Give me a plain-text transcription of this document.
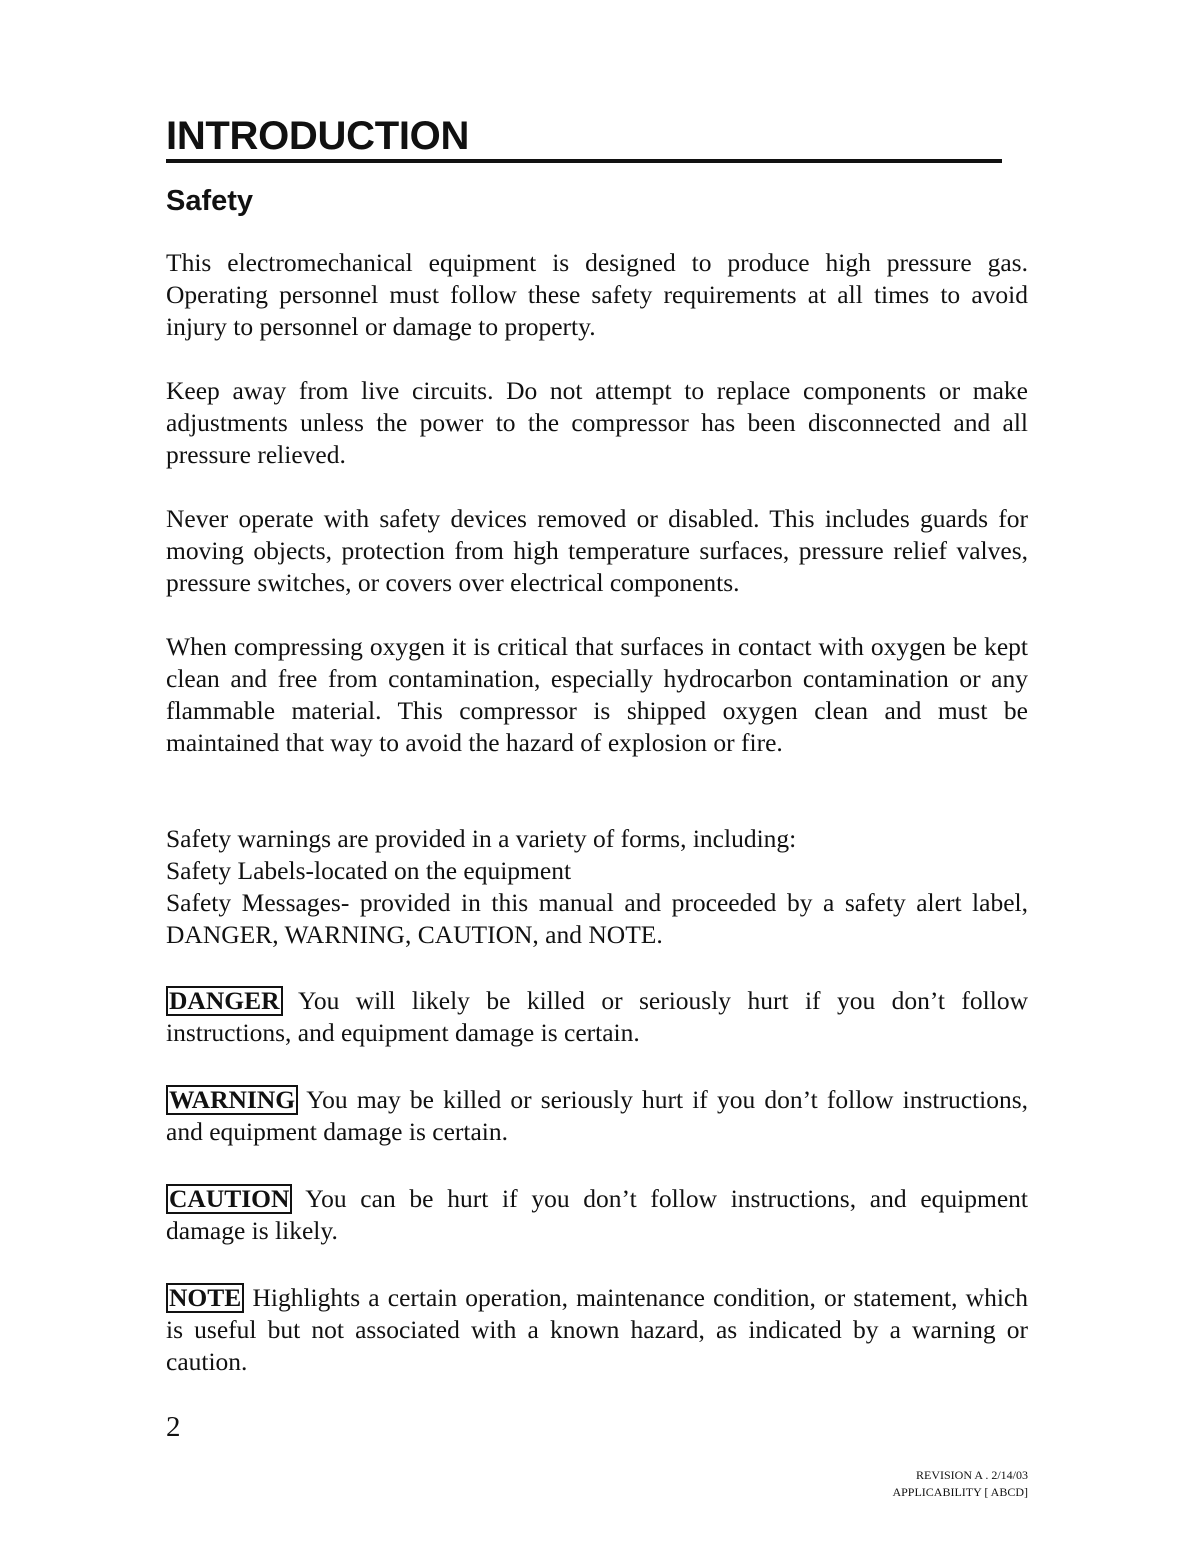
INTRODUCTION
Safety

This electromechanical equipment is designed to produce high pressure gas. Operating personnel must follow these safety requirements at all times to avoid injury to personnel or damage to property.

Keep away from live circuits. Do not attempt to replace components or make adjustments unless the power to the compressor has been disconnected and all pressure relieved.

Never operate with safety devices removed or disabled. This includes guards for moving objects, protection from high temperature surfaces, pressure relief valves, pressure switches, or covers over electrical components.

When compressing oxygen it is critical that surfaces in contact with oxygen be kept clean and free from contamination, especially hydrocarbon contamination or any flammable material. This compressor is shipped oxygen clean and must be maintained that way to avoid the hazard of explosion or fire.

Safety warnings are provided in a variety of forms, including:
Safety Labels-located on the equipment
Safety Messages- provided in this manual and proceeded by a safety alert label, DANGER, WARNING, CAUTION, and NOTE.

DANGER You will likely be killed or seriously hurt if you don’t follow instructions, and equipment damage is certain.

WARNING You may be killed or seriously hurt if you don’t follow instructions, and equipment damage is certain.

CAUTION You can be hurt if you don’t follow instructions, and equipment damage is likely.

NOTE Highlights a certain operation, maintenance condition, or statement, which is useful but not associated with a known hazard, as indicated by a warning or caution.

2

REVISION A . 2/14/03
APPLICABILITY [ ABCD]
